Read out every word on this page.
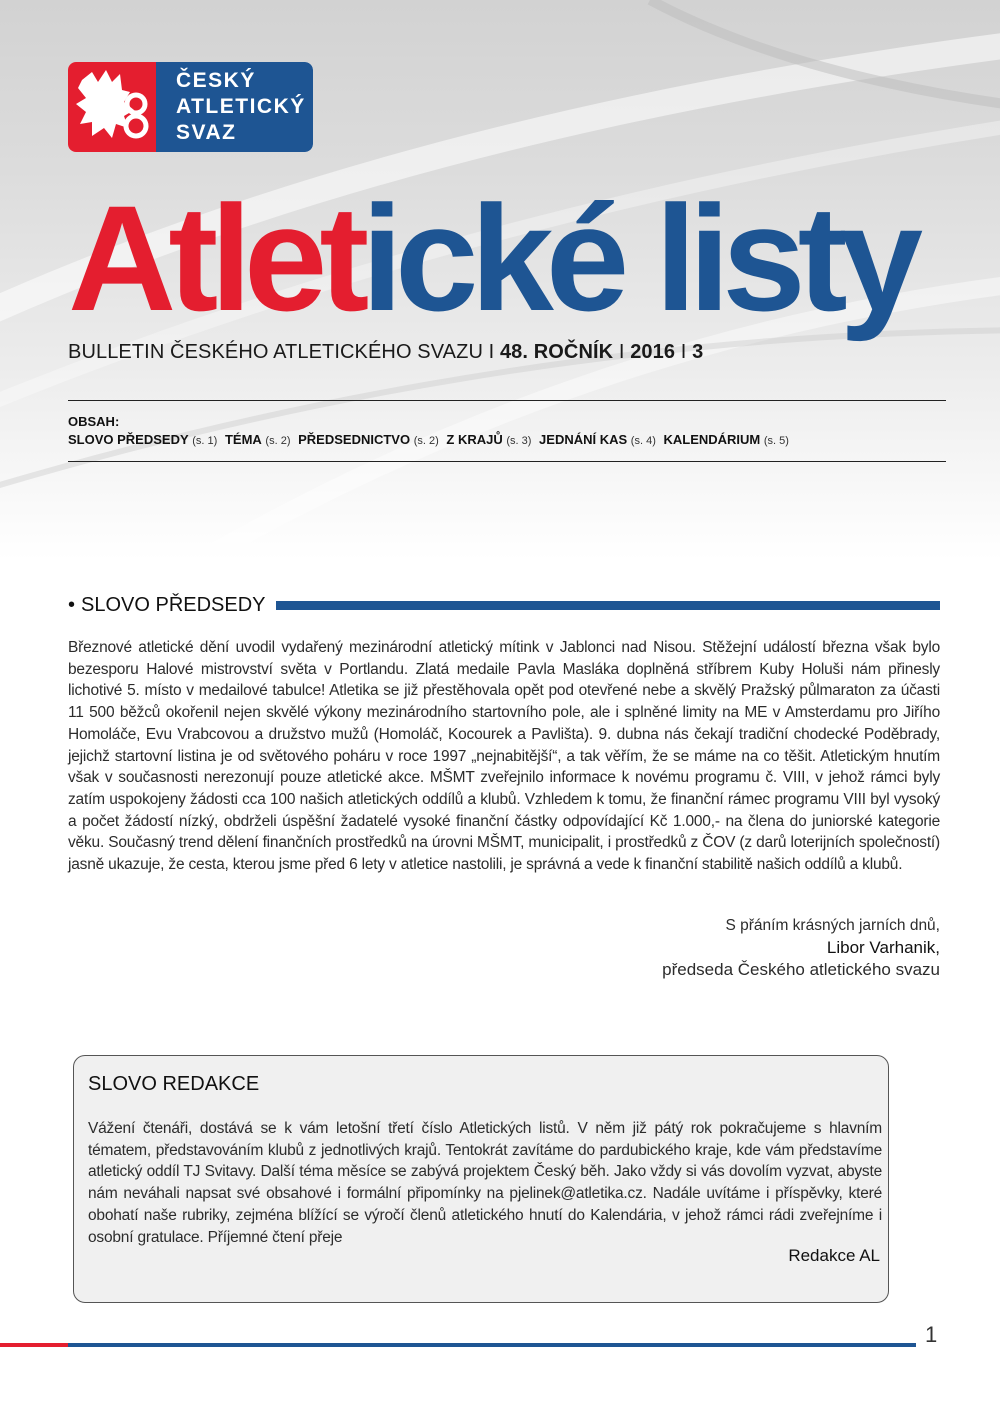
ČESKÝ
ATLETICKÝ
SVAZ
Atletické listy
BULLETIN ČESKÉHO ATLETICKÉHO SVAZU I 48. ROČNÍK I 2016 I 3
OBSAH:
SLOVO PŘEDSEDY (s. 1) TÉMA (s. 2) PŘEDSEDNICTVO (s. 2) Z KRAJŮ (s. 3) JEDNÁNÍ KAS (s. 4) KALENDÁRIUM (s. 5)
• SLOVO PŘEDSEDY

Březnové atletické dění uvodil vydařený mezinárodní atletický mítink v Jablonci nad Nisou. Stěžejní událostí března však bylo bezesporu Halové mistrovství světa v Portlandu. Zlatá medaile Pavla Masláka doplněná stříbrem Kuby Holuši nám přinesly lichotivé 5. místo v medailové tabulce! Atletika se již přestěhovala opět pod otevřené nebe a skvělý Pražský půlmaraton za účasti 11 500 běžců okořenil nejen skvělé výkony mezinárodního startovního pole, ale i splněné limity na ME v Amsterdamu pro Jiřího Homoláče, Evu Vrabcovou a družstvo mužů (Homoláč, Kocourek a Pavlišta). 9. dubna nás čekají tradiční chodecké Poděbrady, jejichž startovní listina je od světového poháru v roce 1997 „nejnabitější“, a tak věřím, že se máme na co těšit. Atletickým hnutím však v současnosti nerezonují pouze atletické akce. MŠMT zveřejnilo informace k novému programu č. VIII, v jehož rámci byly zatím uspokojeny žádosti cca 100 našich atletických oddílů a klubů. Vzhledem k tomu, že finanční rámec programu VIII byl vysoký a počet žádostí nízký, obdrželi úspěšní žadatelé vysoké finanční částky odpovídající Kč 1.000,- na člena do juniorské kategorie věku. Současný trend dělení finančních prostředků na úrovni MŠMT, municipalit, i prostředků z ČOV (z darů loterijních společností) jasně ukazuje, že cesta, kterou jsme před 6 lety v atletice nastolili, je správná a vede k finanční stabilitě našich oddílů a klubů.

S přáním krásných jarních dnů,
Libor Varhanik,
předseda Českého atletického svazu
SLOVO REDAKCE

Vážení čtenáři, dostává se k vám letošní třetí číslo Atletických listů. V něm již pátý rok pokračujeme s hlavním tématem, představováním klubů z jednotlivých krajů. Tentokrát zavítáme do pardubického kraje, kde vám představíme atletický oddíl TJ Svitavy. Další téma měsíce se zabývá projektem Český běh. Jako vždy si vás dovolím vyzvat, abyste nám neváhali napsat své obsahové i formální připomínky na pjelinek@atletika.cz. Nadále uvítáme i příspěvky, které obohatí naše rubriky, zejména blížící se výročí členů atletického hnutí do Kalendária, v jehož rámci rádi zveřejníme i osobní gratulace. Příjemné čtení přeje

Redakce AL
1
